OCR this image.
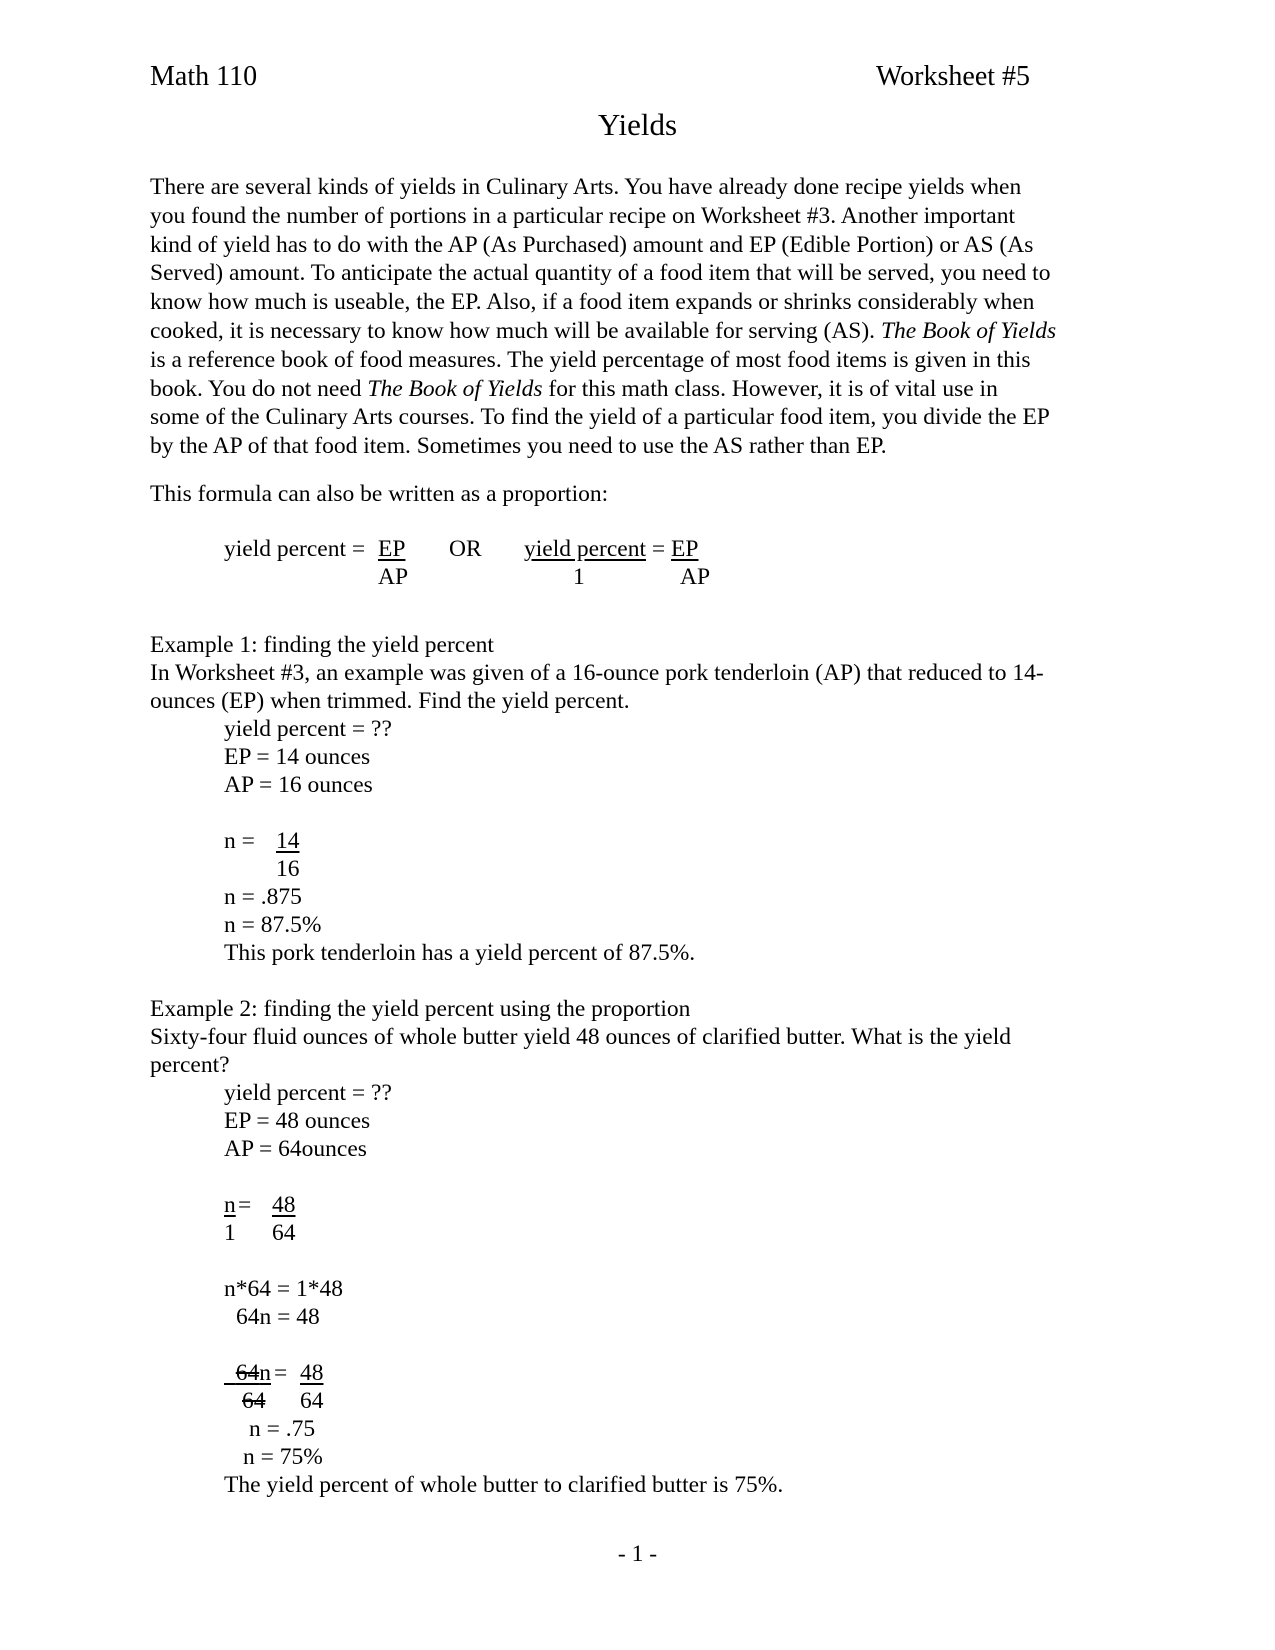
Math 110	Worksheet #5
Yields
There are several kinds of yields in Culinary Arts. You have already done recipe yields when
you found the number of portions in a particular recipe on Worksheet #3. Another important
kind of yield has to do with the AP (As Purchased) amount and EP (Edible Portion) or AS (As
Served) amount. To anticipate the actual quantity of a food item that will be served, you need to
know how much is useable, the EP. Also, if a food item expands or shrinks considerably when
cooked, it is necessary to know how much will be available for serving (AS). The Book of Yields
is a reference book of food measures. The yield percentage of most food items is given in this
book. You do not need The Book of Yields for this math class. However, it is of vital use in
some of the Culinary Arts courses. To find the yield of a particular food item, you divide the EP
by the AP of that food item. Sometimes you need to use the AS rather than EP.
This formula can also be written as a proportion:
yield percent = EP
AP
OR yield percent = EP
1	AP
Example 1: finding the yield percent
In Worksheet #3, an example was given of a 16-ounce pork tenderloin (AP) that reduced to 14-
ounces (EP) when trimmed. Find the yield percent.
yield percent = ??
EP = 14 ounces
AP = 16 ounces
n = 14
16
n = .875
n = 87.5%
This pork tenderloin has a yield percent of 87.5%.
Example 2: finding the yield percent using the proportion
Sixty-four fluid ounces of whole butter yield 48 ounces of clarified butter. What is the yield
percent?
yield percent = ??
EP = 48 ounces
AP = 64ounces
n = 48
1 64
n*64 = 1*48
64n = 48
64n = 48
64 64
n = .75
n = 75%
The yield percent of whole butter to clarified butter is 75%.
- 1 -
